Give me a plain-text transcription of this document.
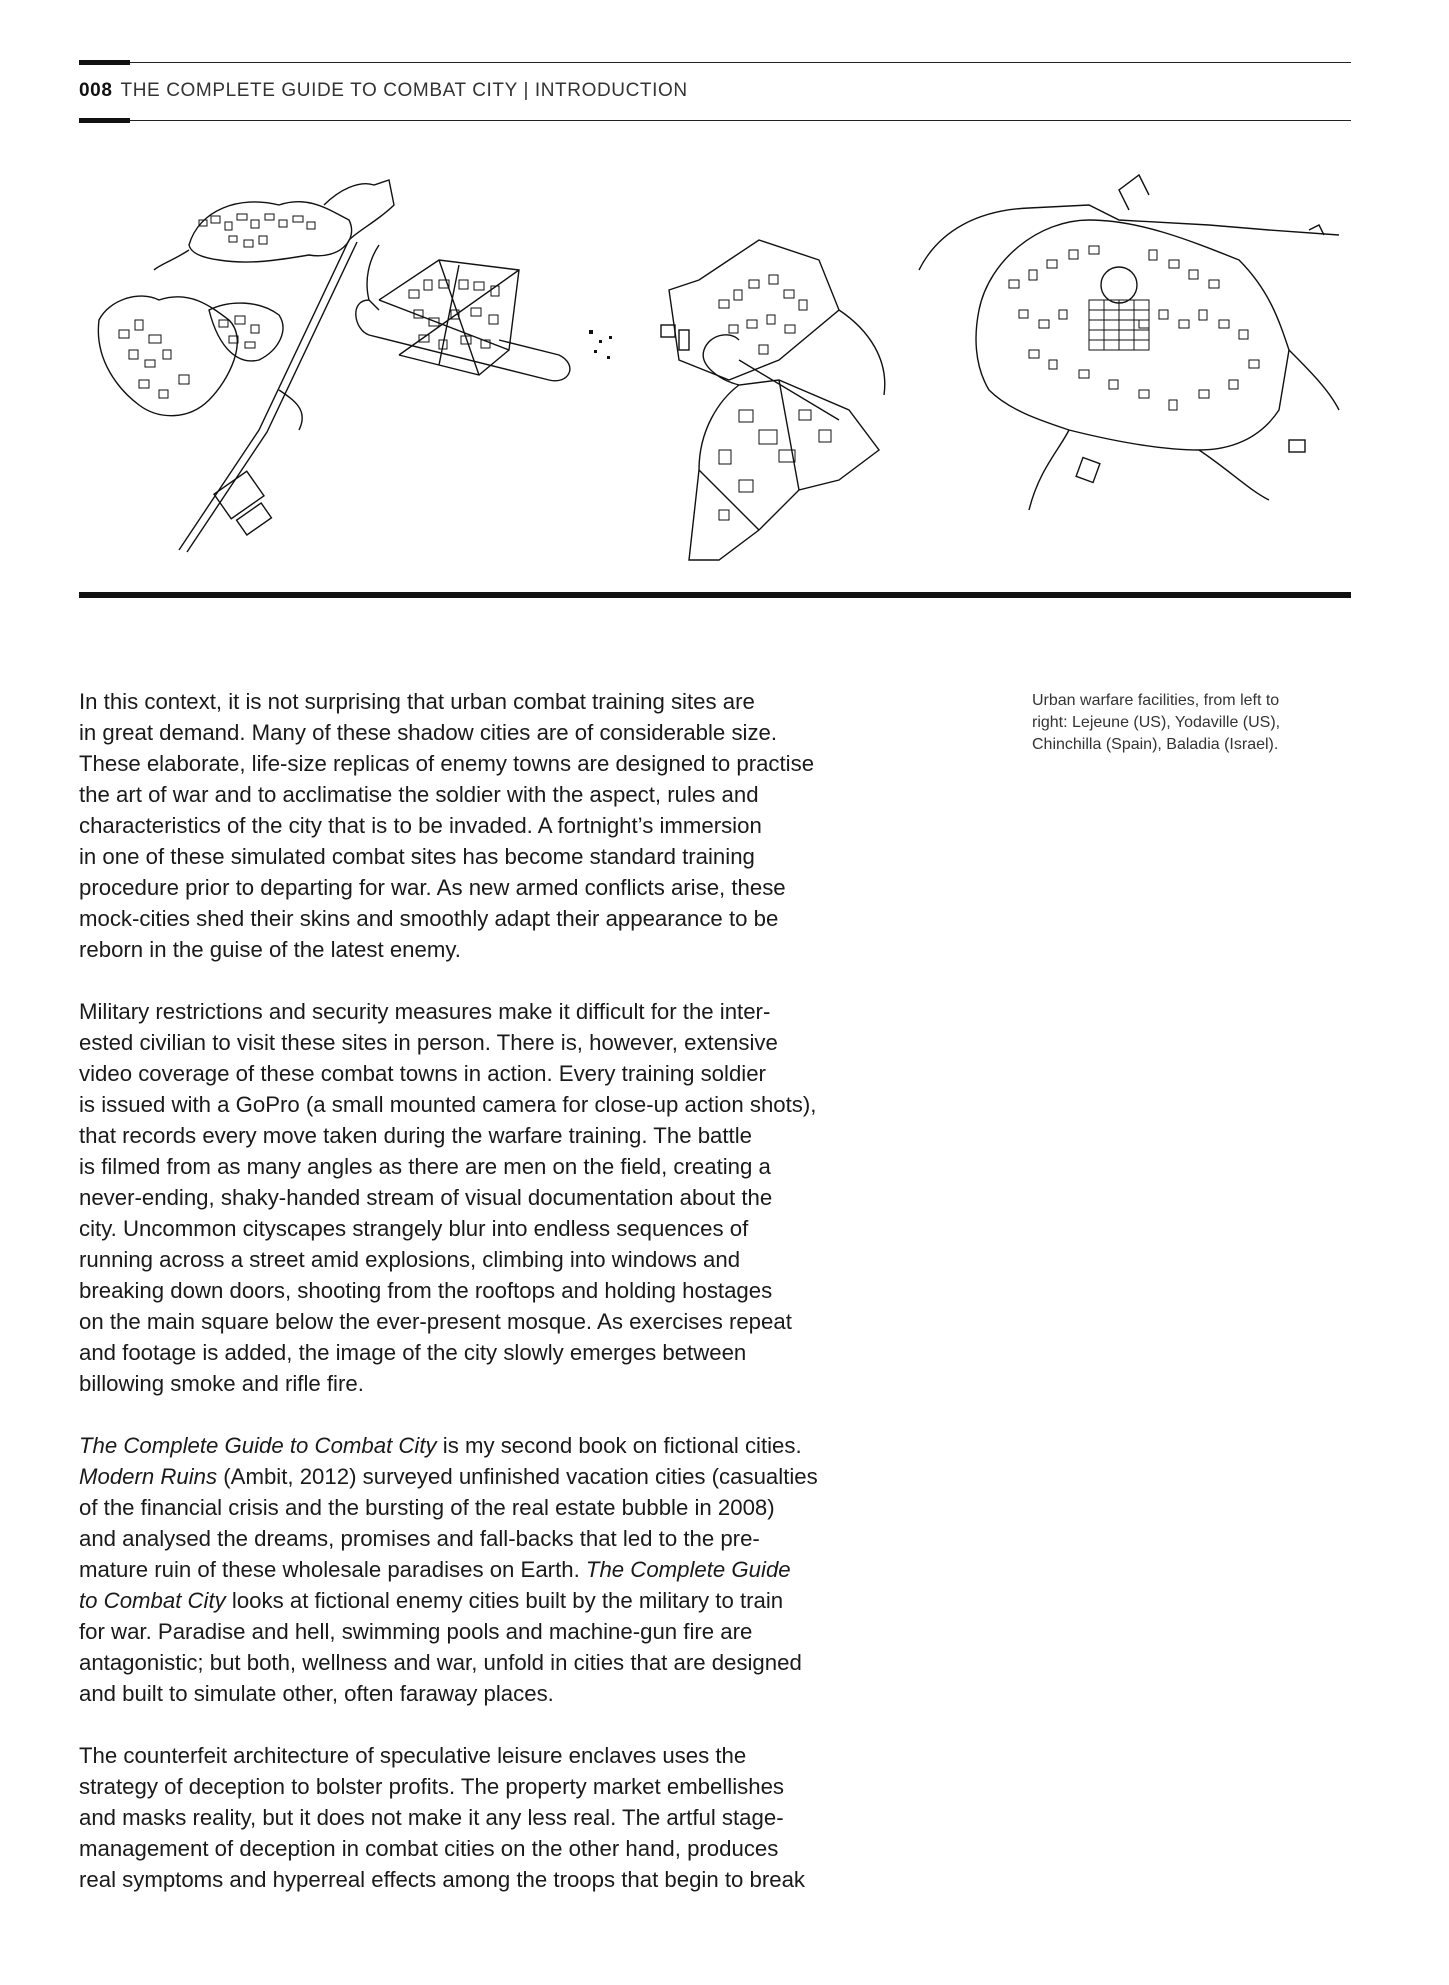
008 THE COMPLETE GUIDE TO COMBAT CITY | INTRODUCTION

In this context, it is not surprising that urban combat training sites are
in great demand. Many of these shadow cities are of considerable size.
These elaborate, life-size replicas of enemy towns are designed to practise
the art of war and to acclimatise the soldier with the aspect, rules and
characteristics of the city that is to be invaded. A fortnight’s immersion
in one of these simulated combat sites has become standard training
procedure prior to departing for war. As new armed conflicts arise, these
mock-cities shed their skins and smoothly adapt their appearance to be
reborn in the guise of the latest enemy.

Military restrictions and security measures make it difficult for the inter-
ested civilian to visit these sites in person. There is, however, extensive
video coverage of these combat towns in action. Every training soldier
is issued with a GoPro (a small mounted camera for close-up action shots),
that records every move taken during the warfare training. The battle
is filmed from as many angles as there are men on the field, creating a
never-ending, shaky-handed stream of visual documentation about the
city. Uncommon cityscapes strangely blur into endless sequences of
running across a street amid explosions, climbing into windows and
breaking down doors, shooting from the rooftops and holding hostages
on the main square below the ever-present mosque. As exercises repeat
and footage is added, the image of the city slowly emerges between
billowing smoke and rifle fire.

The Complete Guide to Combat City is my second book on fictional cities.
Modern Ruins (Ambit, 2012) surveyed unfinished vacation cities (casualties
of the financial crisis and the bursting of the real estate bubble in 2008)
and analysed the dreams, promises and fall-backs that led to the pre-
mature ruin of these wholesale paradises on Earth. The Complete Guide
to Combat City looks at fictional enemy cities built by the military to train
for war. Paradise and hell, swimming pools and machine-gun fire are
antagonistic; but both, wellness and war, unfold in cities that are designed
and built to simulate other, often faraway places.

The counterfeit architecture of speculative leisure enclaves uses the
strategy of deception to bolster profits. The property market embellishes
and masks reality, but it does not make it any less real. The artful stage-
management of deception in combat cities on the other hand, produces
real symptoms and hyperreal effects among the troops that begin to break

Urban warfare facilities, from left to
right: Lejeune (US), Yodaville (US),
Chinchilla (Spain), Baladia (Israel).
